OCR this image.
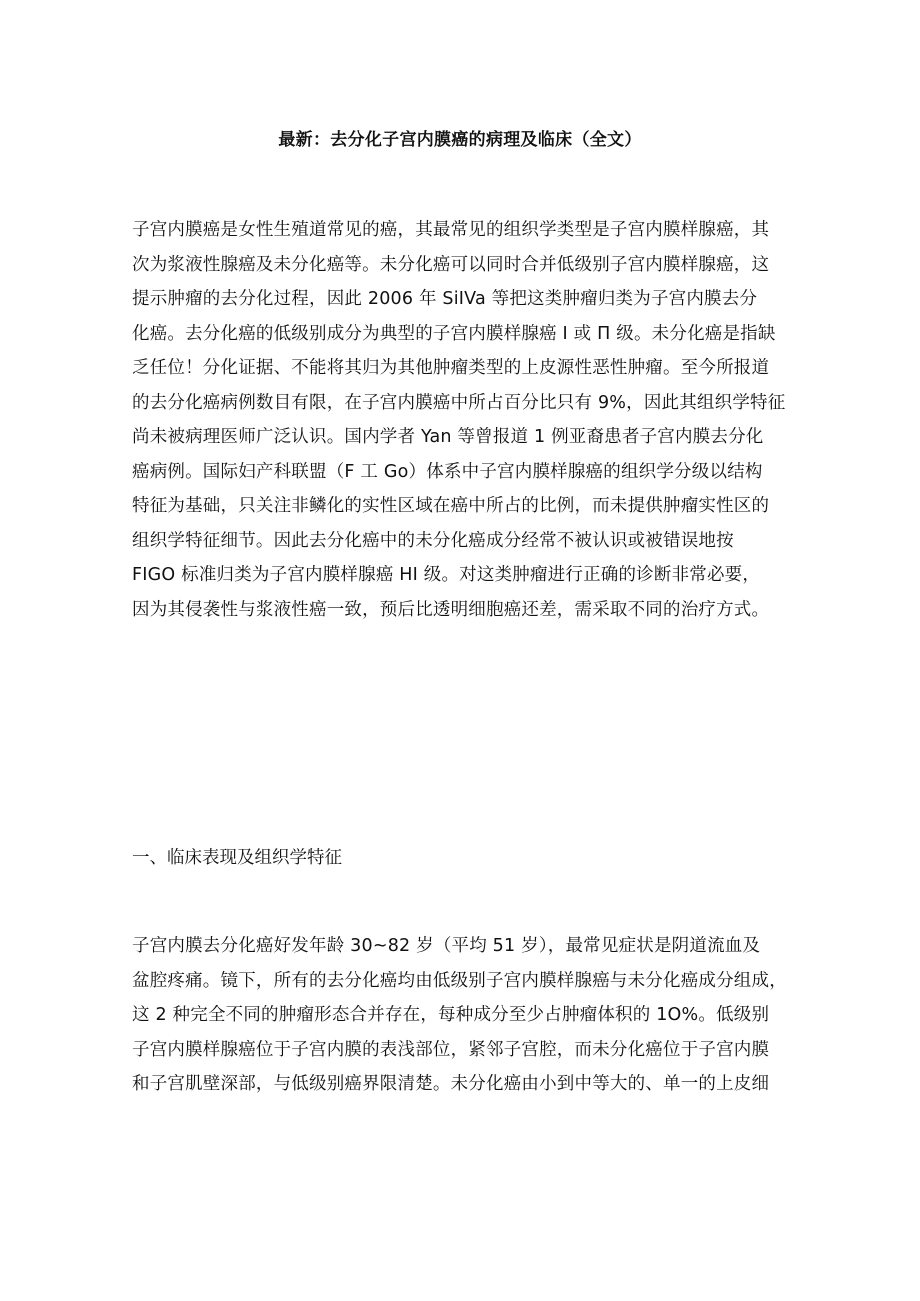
最新：去分化子宫内膜癌的病理及临床（全文）
子宫内膜癌是女性生殖道常见的癌，其最常见的组织学类型是子宫内膜样腺癌，其
次为浆液性腺癌及未分化癌等。未分化癌可以同时合并低级别子宫内膜样腺癌，这
提示肿瘤的去分化过程，因此 2006 年 SiIVa 等把这类肿瘤归类为子宫内膜去分
化癌。去分化癌的低级别成分为典型的子宫内膜样腺癌 I 或 П 级。未分化癌是指缺
乏任位！分化证据、不能将其归为其他肿瘤类型的上皮源性恶性肿瘤。至今所报道
的去分化癌病例数目有限，在子宫内膜癌中所占百分比只有 9%，因此其组织学特征
尚未被病理医师广泛认识。国内学者 Yan 等曾报道 1 例亚裔患者子宫内膜去分化
癌病例。国际妇产科联盟（F 工 Go）体系中子宫内膜样腺癌的组织学分级以结构
特征为基础，只关注非鳞化的实性区域在癌中所占的比例，而未提供肿瘤实性区的
组织学特征细节。因此去分化癌中的未分化癌成分经常不被认识或被错误地按
FIGO 标准归类为子宫内膜样腺癌 HI 级。对这类肿瘤进行正确的诊断非常必要，
因为其侵袭性与浆液性癌一致，预后比透明细胞癌还差，需采取不同的治疗方式。
一、临床表现及组织学特征
子宫内膜去分化癌好发年龄 30~82 岁（平均 51 岁），最常见症状是阴道流血及
盆腔疼痛。镜下，所有的去分化癌均由低级别子宫内膜样腺癌与未分化癌成分组成，
这 2 种完全不同的肿瘤形态合并存在，每种成分至少占肿瘤体积的 1O%。低级别
子宫内膜样腺癌位于子宫内膜的表浅部位，紧邻子宫腔，而未分化癌位于子宫内膜
和子宫肌壁深部，与低级别癌界限清楚。未分化癌由小到中等大的、单一的上皮细
